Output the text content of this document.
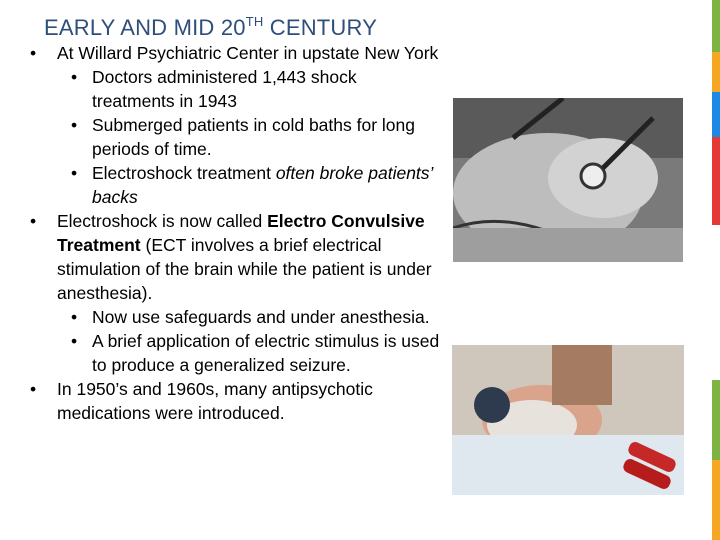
EARLY AND MID 20TH CENTURY
• At Willard Psychiatric Center in upstate New York
• Doctors administered 1,443 shock treatments in 1943
• Submerged patients in cold baths for long periods of time.
• Electroshock treatment often broke patients’ backs
• Electroshock is now called Electro Convulsive Treatment (ECT involves a brief electrical stimulation of the brain while the patient is under anesthesia).
• Now use safeguards and under anesthesia.
• A brief application of electric stimulus is used to produce a generalized seizure.
• In 1950’s and 1960s, many antipsychotic medications were introduced.
